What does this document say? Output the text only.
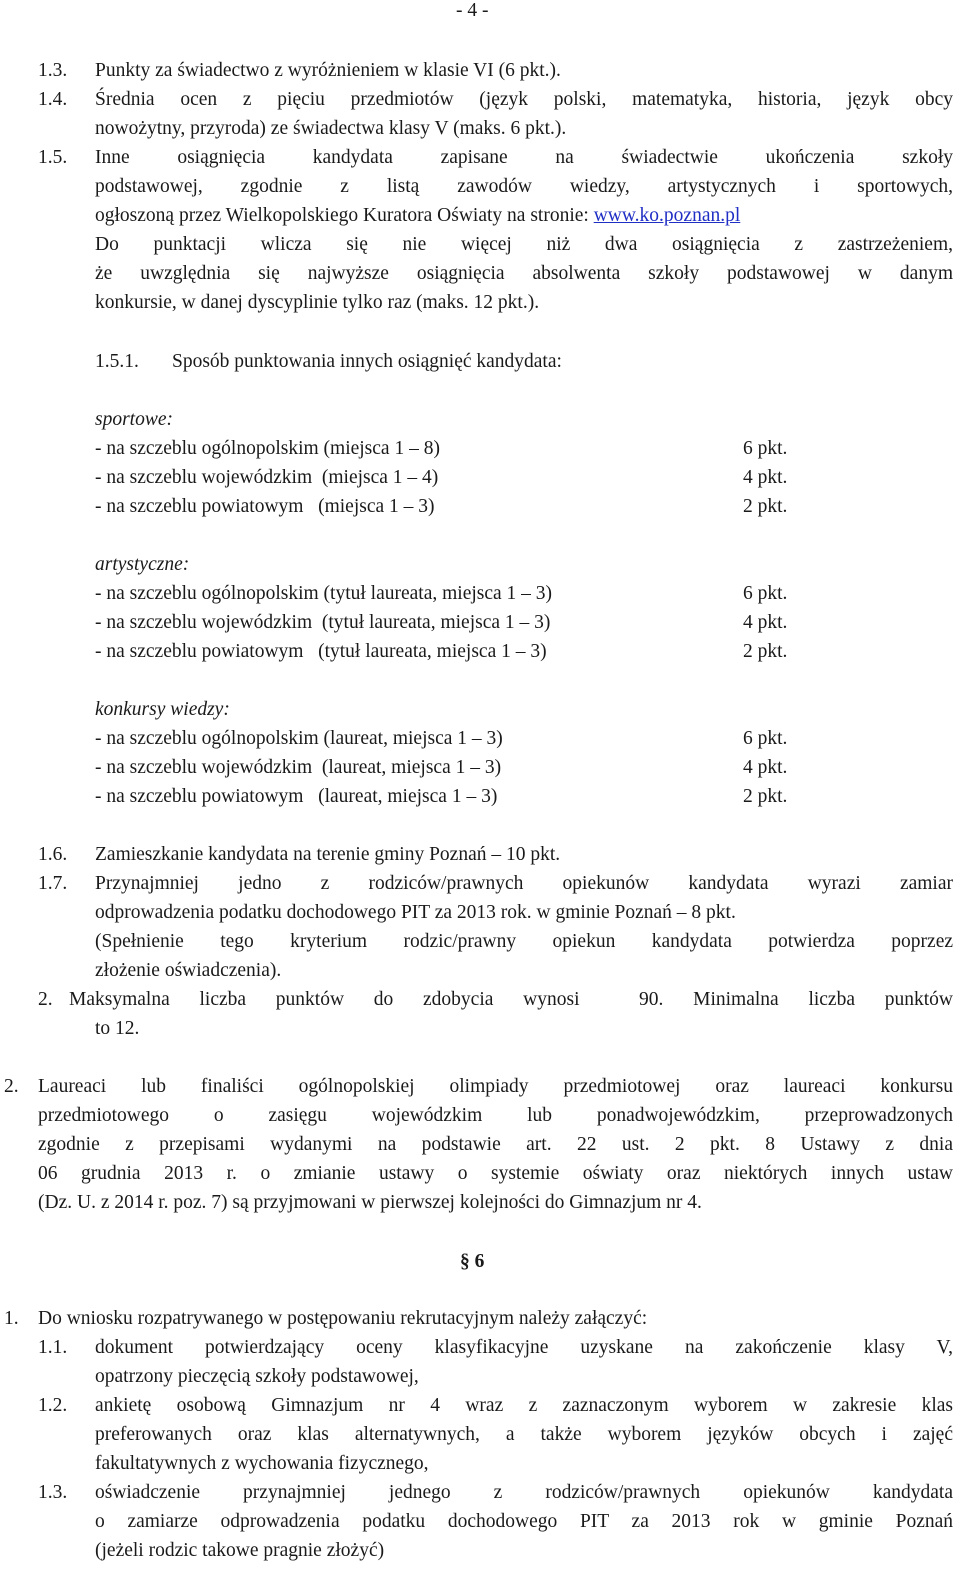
- 4 -
1.3. Punkty za świadectwo z wyróżnieniem w klasie VI (6 pkt.).
1.4. Średnia ocen z pięciu przedmiotów (język polski, matematyka, historia, język obcy
nowożytny, przyroda) ze świadectwa klasy V (maks. 6 pkt.).
1.5. Inne osiągnięcia kandydata zapisane na świadectwie ukończenia szkoły
podstawowej, zgodnie z listą zawodów wiedzy, artystycznych i sportowych,
ogłoszoną przez Wielkopolskiego Kuratora Oświaty na stronie: www.ko.poznan.pl
Do punktacji wlicza się nie więcej niż dwa osiągnięcia z zastrzeżeniem,
że uwzględnia się najwyższe osiągnięcia absolwenta szkoły podstawowej w danym
konkursie, w danej dyscyplinie tylko raz (maks. 12 pkt.).
1.5.1. Sposób punktowania innych osiągnięć kandydata:
sportowe:
- na szczeblu ogólnopolskim (miejsca 1 – 8)	6 pkt.
- na szczeblu wojewódzkim  (miejsca 1 – 4)	4 pkt.
- na szczeblu powiatowym   (miejsca 1 – 3)	2 pkt.
artystyczne:
- na szczeblu ogólnopolskim (tytuł laureata, miejsca 1 – 3)	6 pkt.
- na szczeblu wojewódzkim  (tytuł laureata, miejsca 1 – 3)	4 pkt.
- na szczeblu powiatowym   (tytuł laureata, miejsca 1 – 3)	2 pkt.
konkursy wiedzy:
- na szczeblu ogólnopolskim (laureat, miejsca 1 – 3)	6 pkt.
- na szczeblu wojewódzkim  (laureat, miejsca 1 – 3)	4 pkt.
- na szczeblu powiatowym   (laureat, miejsca 1 – 3)	2 pkt.
1.6. Zamieszkanie kandydata na terenie gminy Poznań – 10 pkt.
1.7. Przynajmniej jedno z rodziców/prawnych opiekunów kandydata wyrazi zamiar
odprowadzenia podatku dochodowego PIT za 2013 rok. w gminie Poznań – 8 pkt.
(Spełnienie tego kryterium rodzic/prawny opiekun kandydata potwierdza poprzez
złożenie oświadczenia).
2. Maksymalna liczba punktów do zdobycia wynosi  90. Minimalna liczba punktów
to 12.
2. Laureaci lub finaliści ogólnopolskiej olimpiady przedmiotowej oraz laureaci konkursu
przedmiotowego o zasięgu wojewódzkim lub ponadwojewódzkim, przeprowadzonych
zgodnie z przepisami wydanymi na podstawie art. 22 ust. 2 pkt. 8 Ustawy z dnia
06 grudnia 2013 r. o zmianie ustawy o systemie oświaty oraz niektórych innych ustaw
(Dz. U. z 2014 r. poz. 7) są przyjmowani w pierwszej kolejności do Gimnazjum nr 4.
§ 6
1. Do wniosku rozpatrywanego w postępowaniu rekrutacyjnym należy załączyć:
1.1. dokument potwierdzający oceny klasyfikacyjne uzyskane na zakończenie klasy V,
opatrzony pieczęcią szkoły podstawowej,
1.2. ankietę osobową Gimnazjum nr 4 wraz z zaznaczonym wyborem w zakresie klas
preferowanych oraz klas alternatywnych, a także wyborem języków obcych i zajęć
fakultatywnych z wychowania fizycznego,
1.3. oświadczenie przynajmniej jednego z rodziców/prawnych opiekunów kandydata
o zamiarze odprowadzenia podatku dochodowego PIT za 2013 rok w gminie Poznań
(jeżeli rodzic takowe pragnie złożyć)
